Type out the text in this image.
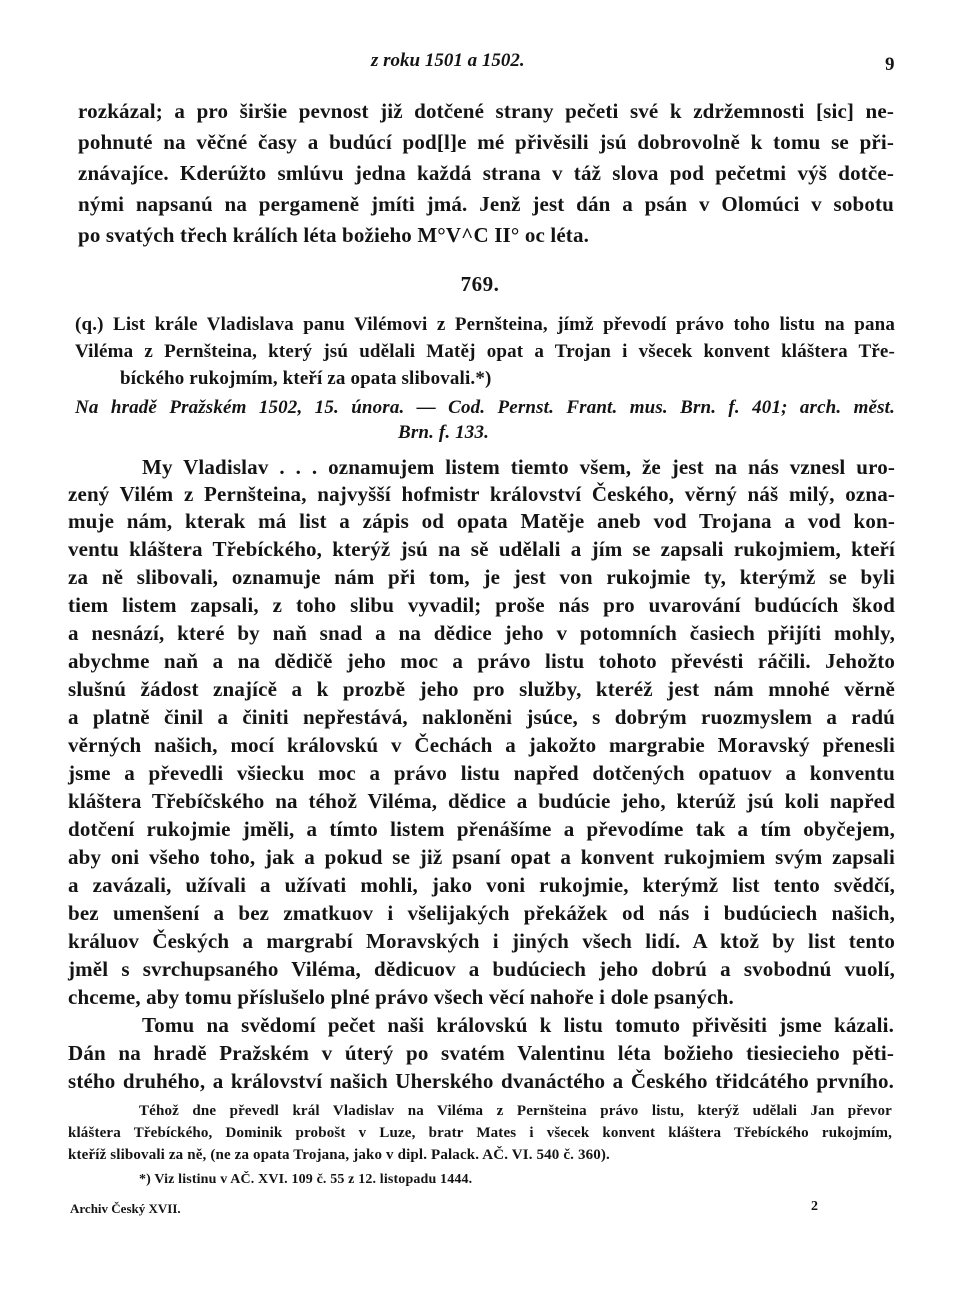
z roku 1501 a 1502.	9
rozkázal; a pro širšie pevnost již dotčené strany pečeti své k zdržemnosti [sic] ne-
pohnuté na věčné časy a budúcí pod[l]e mé přivěsili jsú dobrovolně k tomu se při-
znávajíce. Kderúžto smlúvu jedna každá strana v táž slova pod pečetmi výš dotče-
nými napsanú na pergameně jmíti jmá. Jenž jest dán a psán v Olomúci v sobotu
po svatých třech králích léta božieho M°V^C II° oc léta.
769.
(q.) List krále Vladislava panu Vilémovi z Pernšteina, jímž převodí právo toho listu na pana
Viléma z Pernšteina, který jsú udělali Matěj opat a Trojan i všecek konvent kláštera Tře-
bíckého rukojmím, kteří za opata slibovali.*)
Na hradě Pražském 1502, 15. února. — Cod. Pernst. Frant. mus. Brn. f. 401; arch. měst.
Brn. f. 133.
My Vladislav . . . oznamujem listem tiemto všem, že jest na nás vznesl uro-
zený Vilém z Pernšteina, najvyšší hofmistr království Českého, věrný náš milý, ozna-
muje nám, kterak má list a zápis od opata Matěje aneb vod Trojana a vod kon-
ventu kláštera Třebíckého, kterýž jsú na sě udělali a jím se zapsali rukojmiem, kteří
za ně slibovali, oznamuje nám při tom, je jest von rukojmie ty, kterýmž se byli
tiem listem zapsali, z toho slibu vyvadil; proše nás pro uvarování budúcích škod
a nesnází, které by naň snad a na dědice jeho v potomních časiech přijíti mohly,
abychme naň a na dědičě jeho moc a právo listu tohoto převésti ráčili. Jehožto
slušnú žádost znajícě a k prozbě jeho pro služby, kteréž jest nám mnohé věrně
a platně činil a činiti nepřestává, nakloněni jsúce, s dobrým ruozmyslem a radú
věrných našich, mocí královskú v Čechách a jakožto margrabie Moravský přenesli
jsme a převedli všiecku moc a právo listu napřed dotčených opatuov a konventu
kláštera Třebíčského na téhož Viléma, dědice a budúcie jeho, kterúž jsú koli napřed
dotčení rukojmie jměli, a tímto listem přenášíme a převodíme tak a tím obyčejem,
aby oni všeho toho, jak a pokud se již psaní opat a konvent rukojmiem svým zapsali
a zavázali, užívali a užívati mohli, jako voni rukojmie, kterýmž list tento svědčí,
bez umenšení a bez zmatkuov i všelijakých překážek od nás i budúciech našich,
králuov Českých a margrabí Moravských i jiných všech lidí. A ktož by list tento
jměl s svrchupsaného Viléma, dědicuov a budúciech jeho dobrú a svobodnú vuolí,
chceme, aby tomu příslušelo plné právo všech věcí nahoře i dole psaných.
Tomu na svědomí pečet naši královskú k listu tomuto přivěsiti jsme kázali.
Dán na hradě Pražském v úterý po svatém Valentinu léta božieho tiesiecieho pěti-
stého druhého, a království našich Uherského dvanáctého a Českého třidcátého prvního.
Téhož dne převedl král Vladislav na Viléma z Pernšteina právo listu, kterýž udělali Jan převor
kláštera Třebíckého, Dominik probošt v Luze, bratr Mates i všecek konvent kláštera Třebíckého rukojmím,
kteříž slibovali za ně, (ne za opata Trojana, jako v dipl. Palack. AČ. VI. 540 č. 360).
*) Viz listinu v AČ. XVI. 109 č. 55 z 12. listopadu 1444.
Archiv Český XVII.	2
